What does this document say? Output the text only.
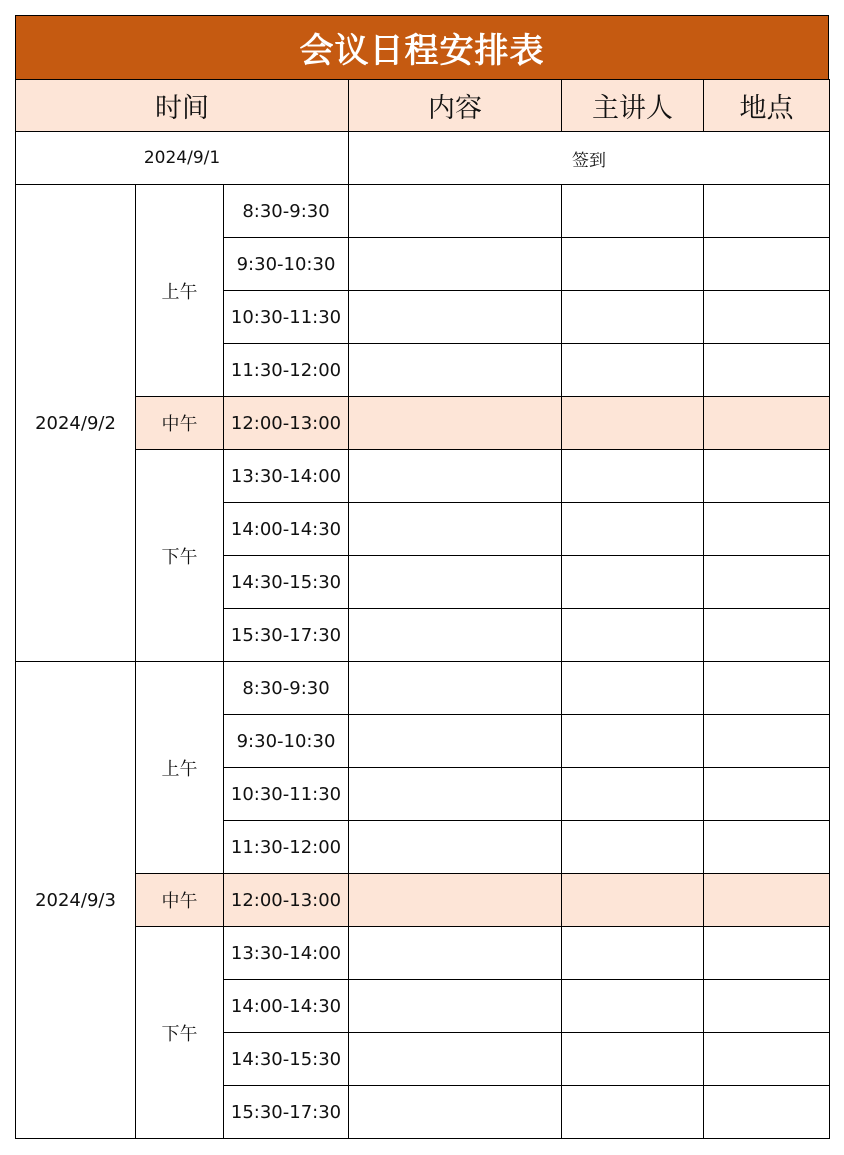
会议日程安排表
时间			内容	主讲人	地点
2024/9/1			签到		
2024/9/2	上午	8:30-9:30			
		9:30-10:30			
		10:30-11:30			
		11:30-12:00			
	中午	12:00-13:00			
	下午	13:30-14:00			
		14:00-14:30			
		14:30-15:30			
		15:30-17:30			
2024/9/3	上午	8:30-9:30			
		9:30-10:30			
		10:30-11:30			
		11:30-12:00			
	中午	12:00-13:00			
	下午	13:30-14:00			
		14:00-14:30			
		14:30-15:30			
		15:30-17:30			
